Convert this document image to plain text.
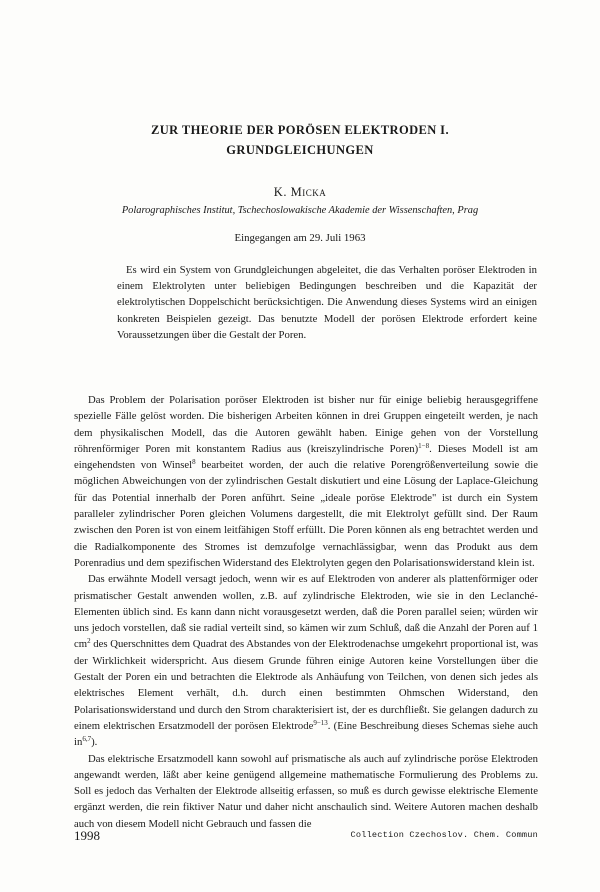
ZUR THEORIE DER PORÖSEN ELEKTRODEN I.
GRUNDGLEICHUNGEN
K. Micka
Polarographisches Institut, Tschechoslowakische Akademie der Wissenschaften, Prag
Eingegangen am 29. Juli 1963

Es wird ein System von Grundgleichungen abgeleitet, die das Verhalten poröser Elektroden in einem Elektrolyten unter beliebigen Bedingungen beschreiben und die Kapazität der elektrolytischen Doppelschicht berücksichtigen. Die Anwendung dieses Systems wird an einigen konkreten Beispielen gezeigt. Das benutzte Modell der porösen Elektrode erfordert keine Voraussetzungen über die Gestalt der Poren.

Das Problem der Polarisation poröser Elektroden ist bisher nur für einige beliebig herausgegriffene spezielle Fälle gelöst worden. Die bisherigen Arbeiten können in drei Gruppen eingeteilt werden, je nach dem physikalischen Modell, das die Autoren gewählt haben. Einige gehen von der Vorstellung röhrenförmiger Poren mit konstantem Radius aus (kreiszylindrische Poren)$^{1-8}$. Dieses Modell ist am eingehendsten von Winsel$^8$ bearbeitet worden, der auch die relative Porengrößenverteilung sowie die möglichen Abweichungen von der zylindrischen Gestalt diskutiert und eine Lösung der Laplace-Gleichung für das Potential innerhalb der Poren anführt. Seine „ideale poröse Elektrode" ist durch ein System paralleler zylindrischer Poren gleichen Volumens dargestellt, die mit Elektrolyt gefüllt sind. Der Raum zwischen den Poren ist von einem leitfähigen Stoff erfüllt. Die Poren können als eng betrachtet werden und die Radialkomponente des Stromes ist demzufolge vernachlässigbar, wenn das Produkt aus dem Porenradius und dem spezifischen Widerstand des Elektrolyten gegen den Polarisationswiderstand klein ist.

Das erwähnte Modell versagt jedoch, wenn wir es auf Elektroden von anderer als plattenförmiger oder prismatischer Gestalt anwenden wollen, z.B. auf zylindrische Elektroden, wie sie in den Leclanché-Elementen üblich sind. Es kann dann nicht vorausgesetzt werden, daß die Poren parallel seien; würden wir uns jedoch vorstellen, daß sie radial verteilt sind, so kämen wir zum Schluß, daß die Anzahl der Poren auf 1 $cm^2$ des Querschnittes dem Quadrat des Abstandes von der Elektrodenachse umgekehrt proportional ist, was der Wirklichkeit widerspricht. Aus diesem Grunde führen einige Autoren keine Vorstellungen über die Gestalt der Poren ein und betrachten die Elektrode als Anhäufung von Teilchen, von denen sich jedes als elektrisches Element verhält, d.h. durch einen bestimmten Ohmschen Widerstand, den Polarisationswiderstand und durch den Strom charakterisiert ist, der es durchfließt. Sie gelangen dadurch zu einem elektrischen Ersatzmodell der porösen Elektrode$^{9-13}$. (Eine Beschreibung dieses Schemas siehe auch in$^{6,7}$).

Das elektrische Ersatzmodell kann sowohl auf prismatische als auch auf zylindrische poröse Elektroden angewandt werden, läßt aber keine genügend allgemeine mathematische Formulierung des Problems zu. Soll es jedoch das Verhalten der Elektrode allseitig erfassen, so muß es durch gewisse elektrische Elemente ergänzt werden, die rein fiktiver Natur und daher nicht anschaulich sind. Weitere Autoren machen deshalb auch von diesem Modell nicht Gebrauch und fassen die

1998	Collection Czechoslov. Chem. Commun
